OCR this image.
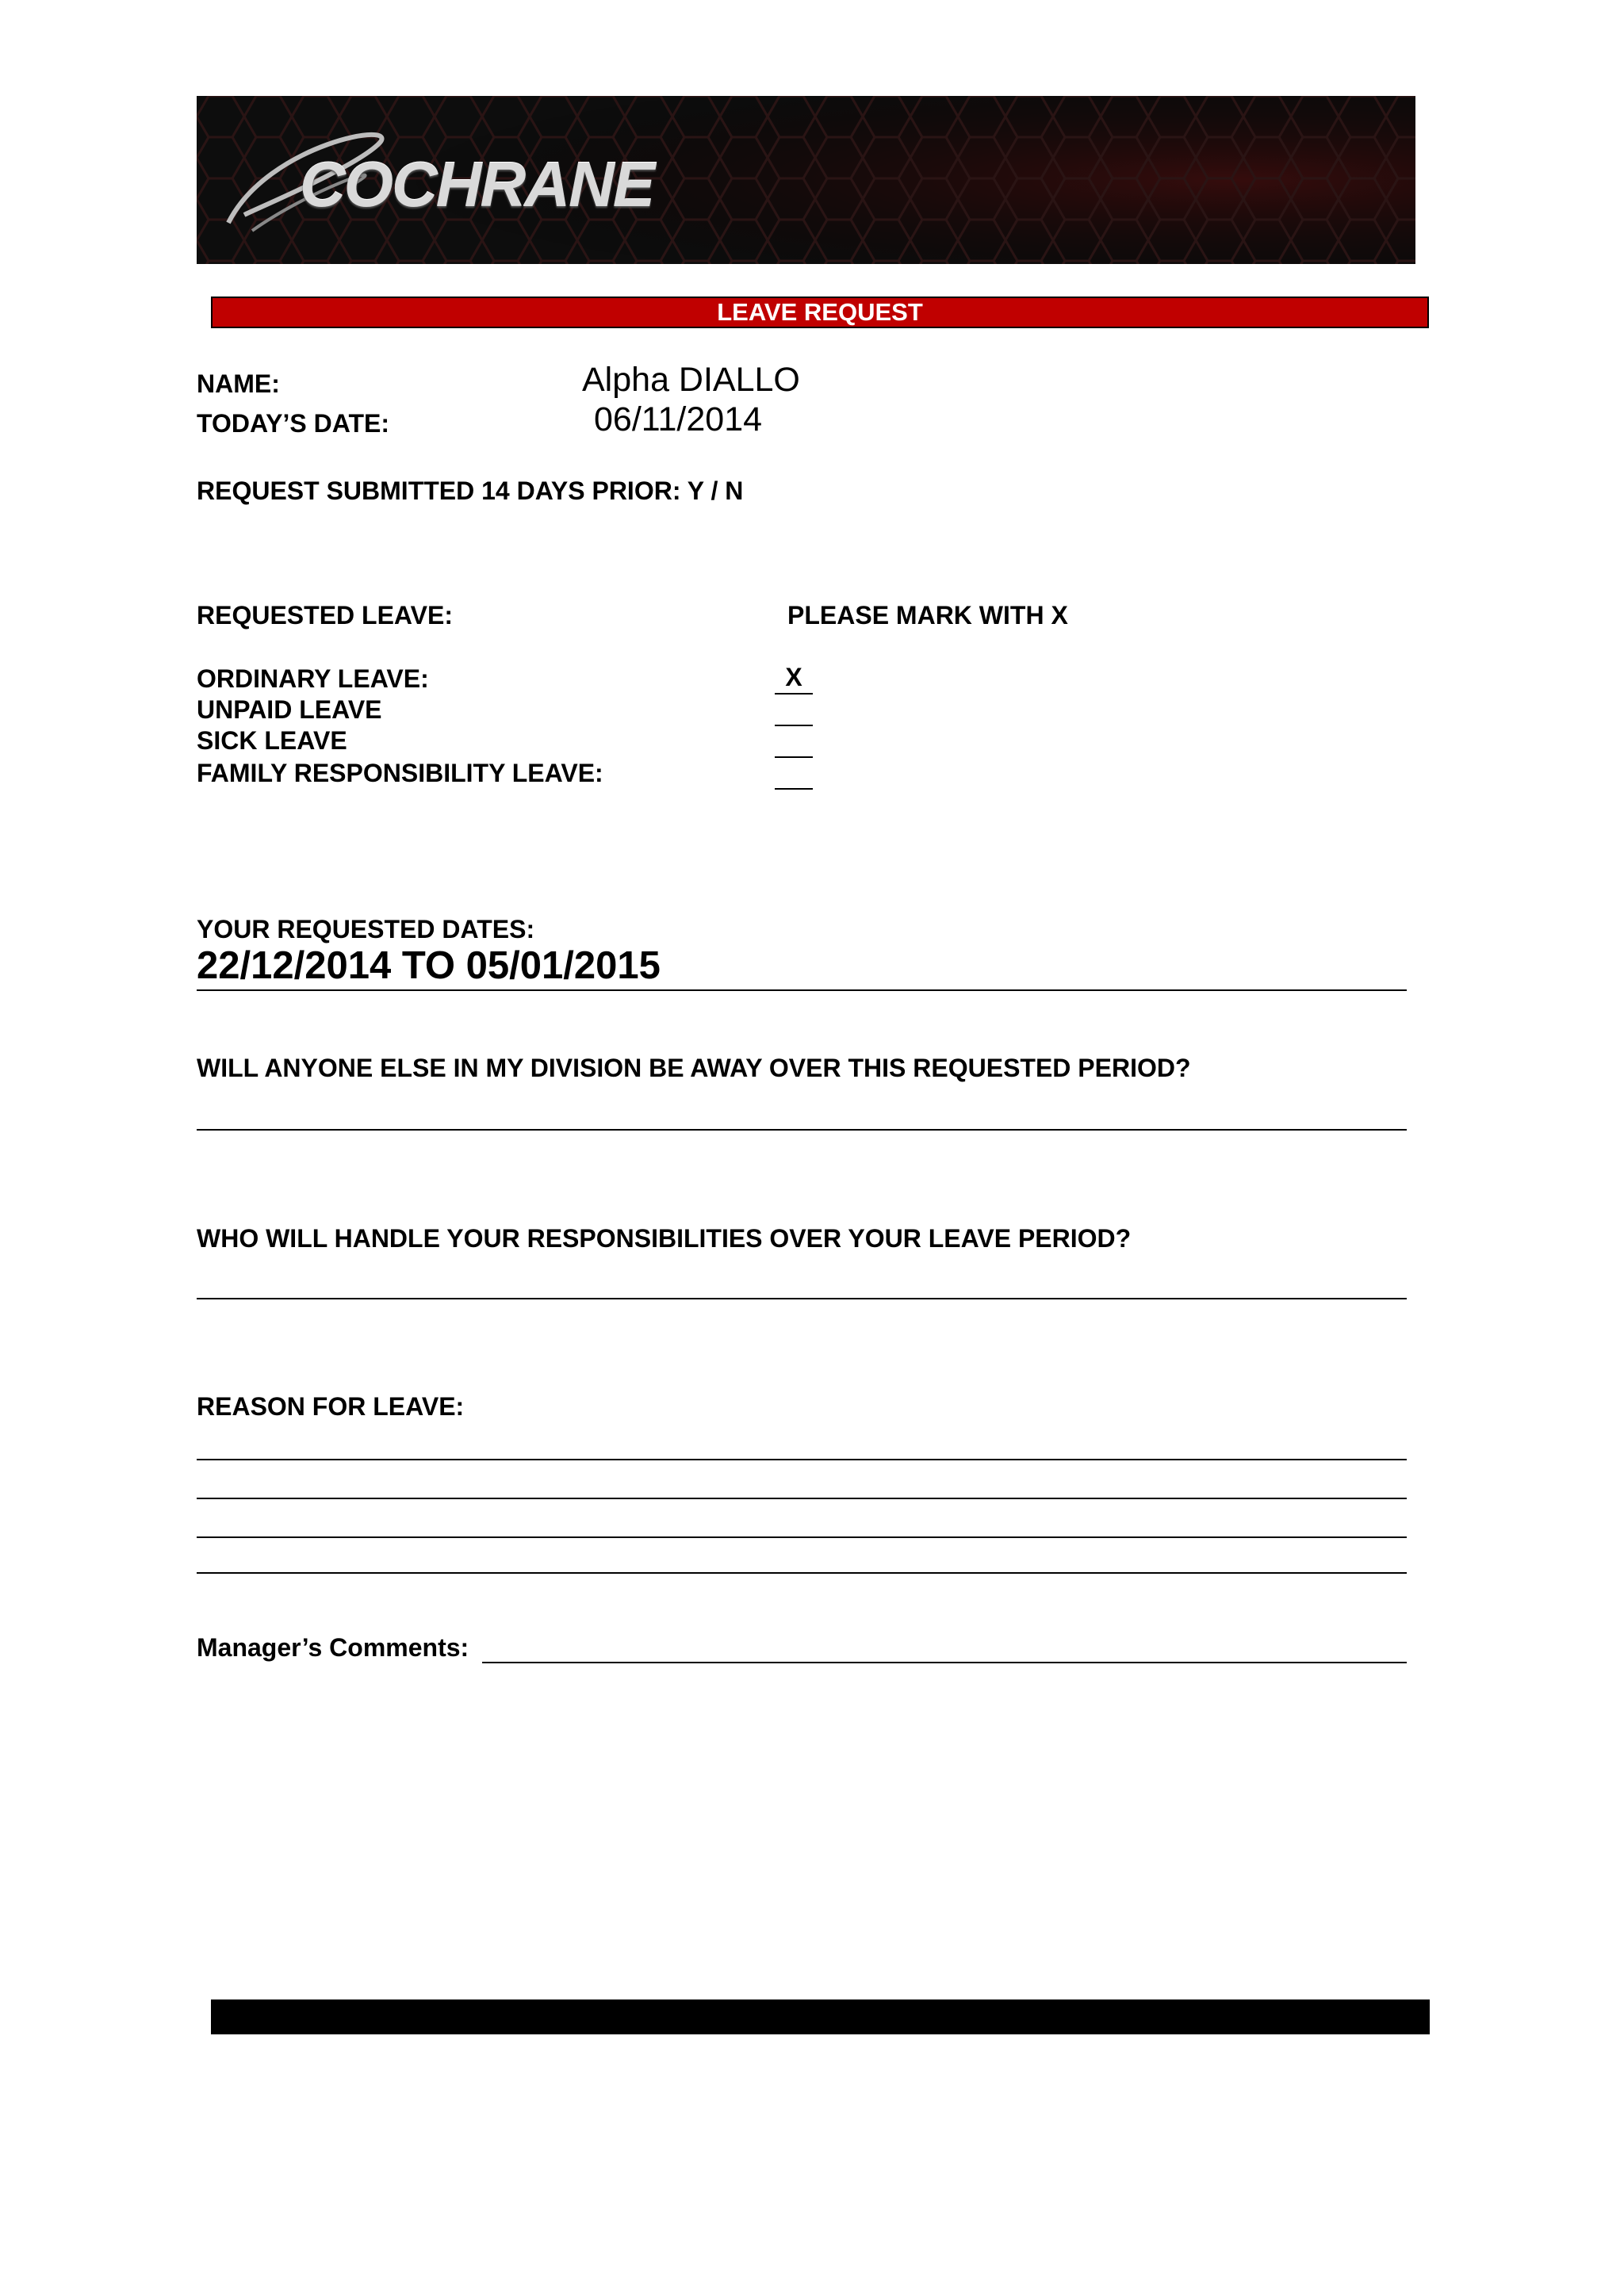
COCHRANE
LEAVE REQUEST
NAME:	Alpha DIALLO
TODAY’S DATE:	06/11/2014
REQUEST SUBMITTED 14 DAYS PRIOR: Y / N
REQUESTED LEAVE:	PLEASE MARK WITH X
ORDINARY LEAVE:	X
UNPAID LEAVE
SICK LEAVE
FAMILY RESPONSIBILITY LEAVE:
YOUR REQUESTED DATES:
22/12/2014 TO 05/01/2015
WILL ANYONE ELSE IN MY DIVISION BE AWAY OVER THIS REQUESTED PERIOD?
WHO WILL HANDLE YOUR RESPONSIBILITIES OVER YOUR LEAVE PERIOD?
REASON FOR LEAVE:
Manager’s Comments:
